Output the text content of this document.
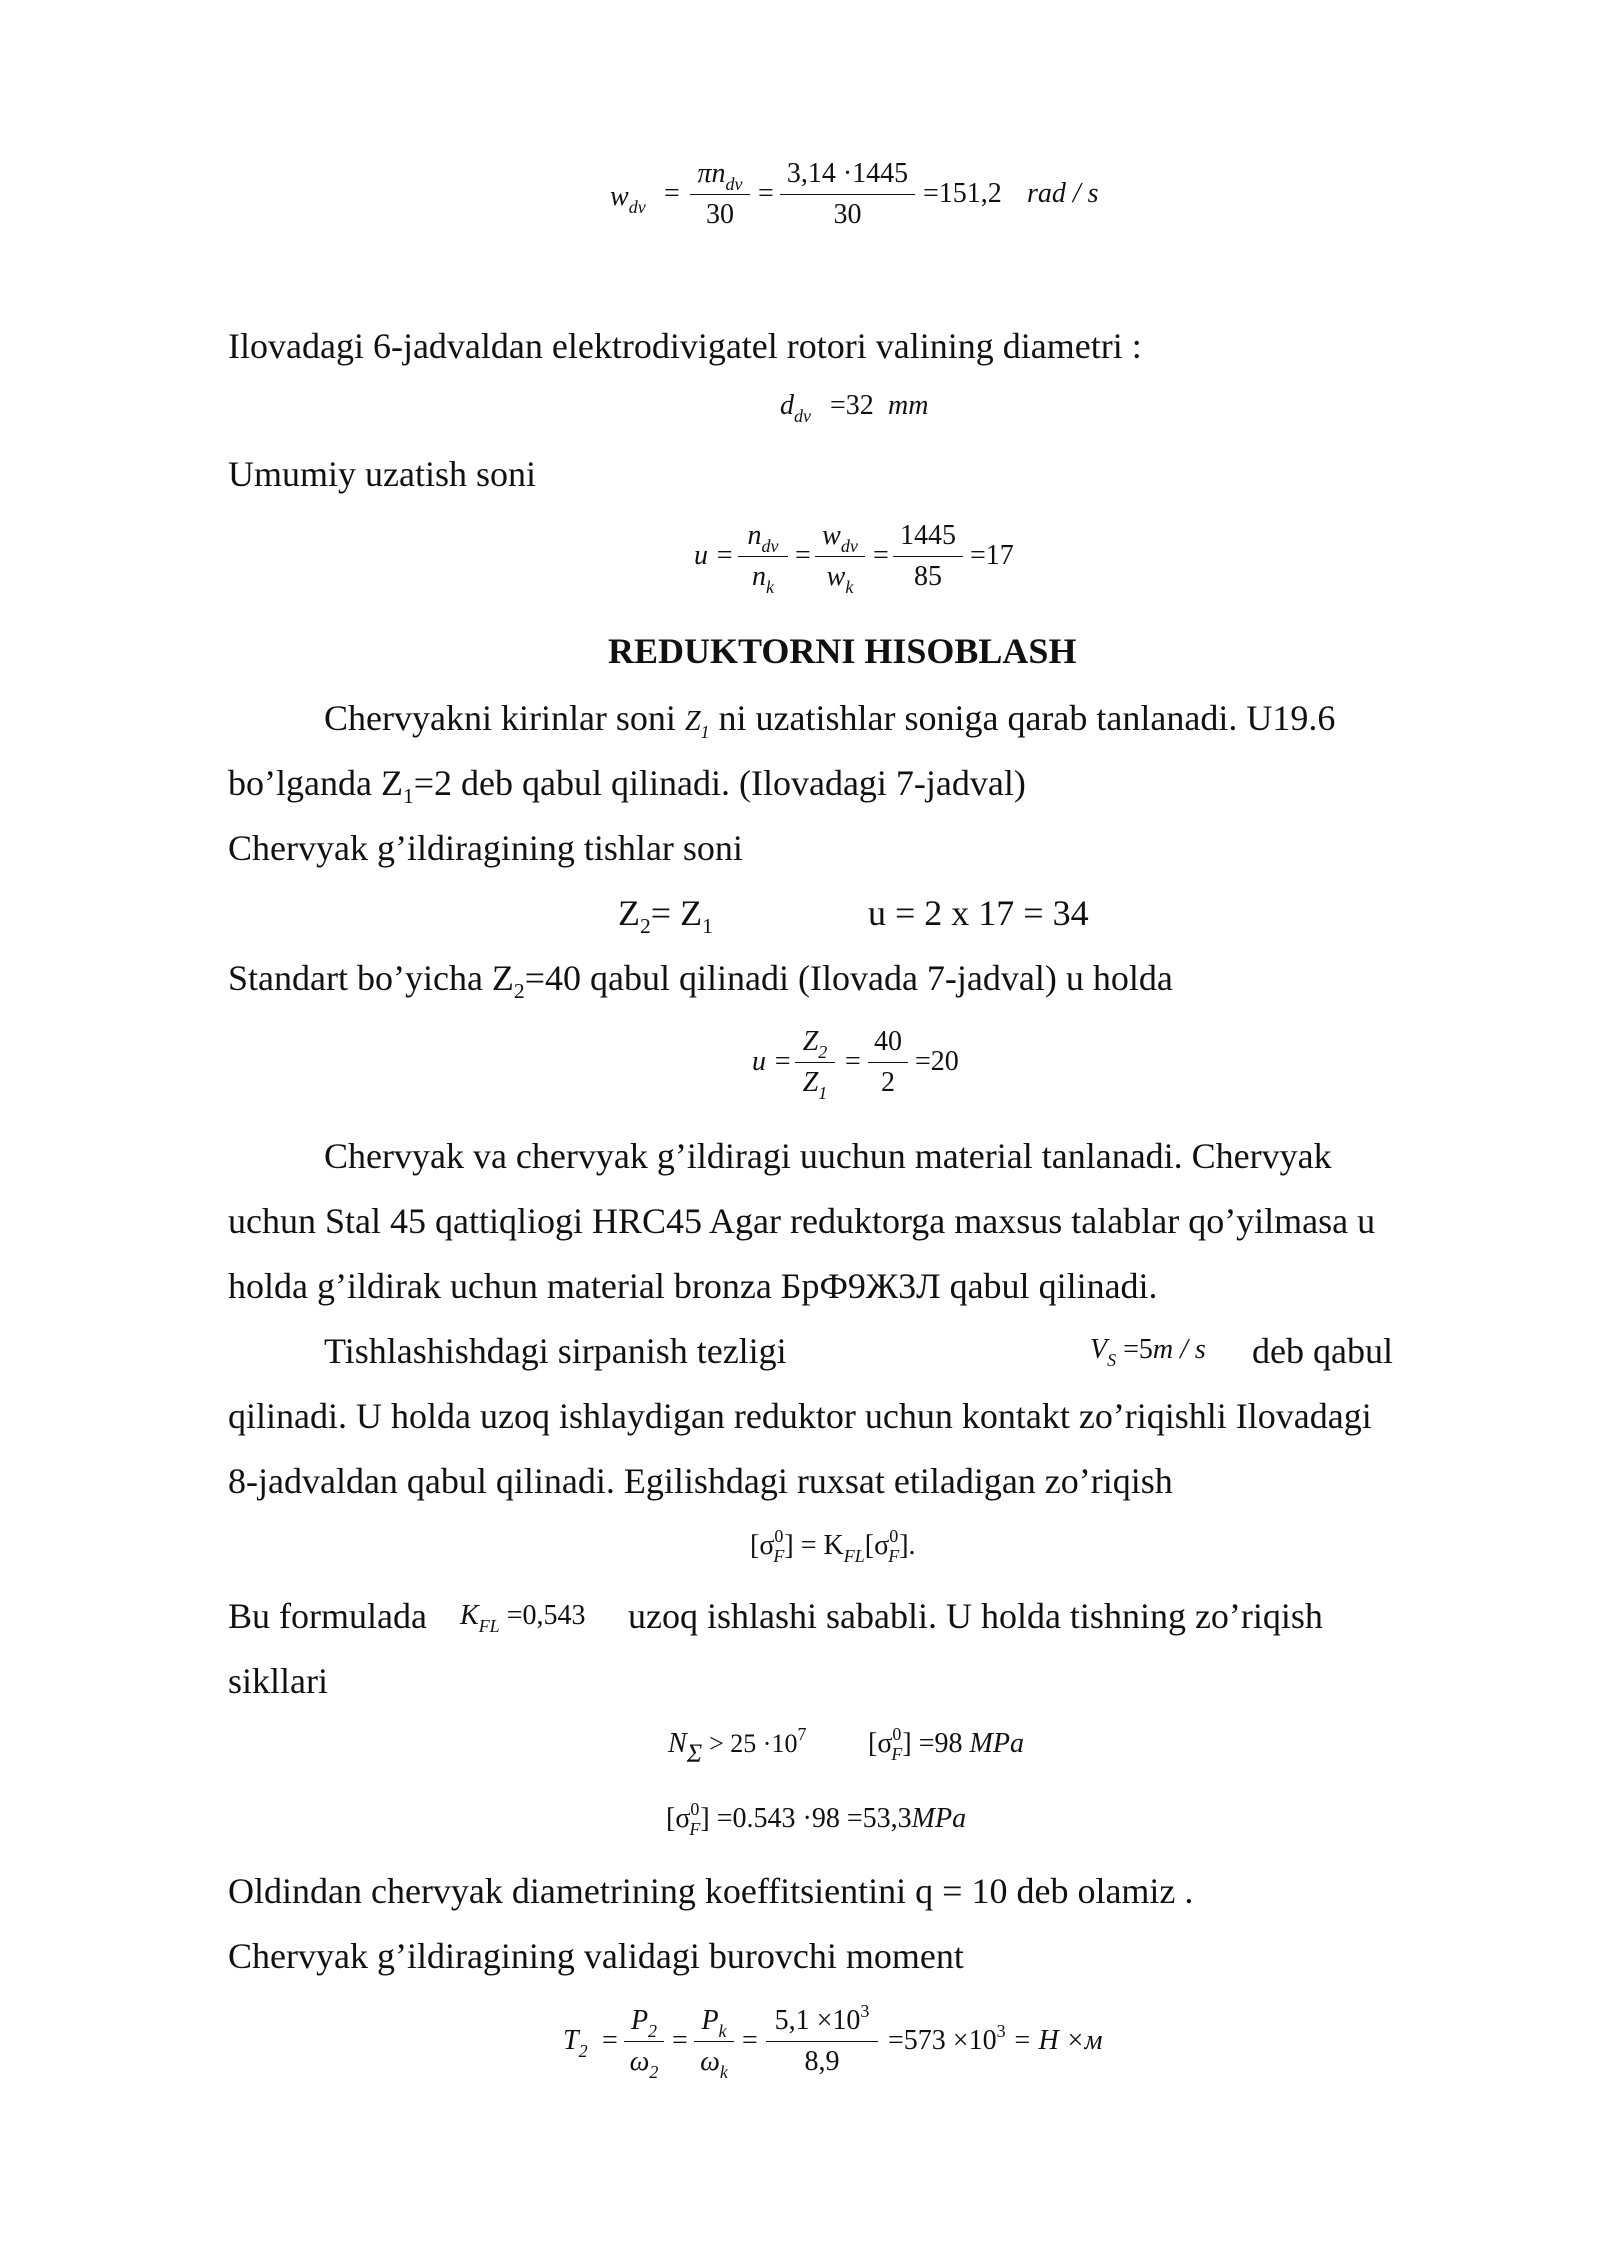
$w_{dv}$ =
$\pi n_{dv}$
30
=
3,14 ·1445
30
=151,2 rad / s
Ilovadagi 6-jadvaldan elektrodivigatel rotori valining diametri :
$d_{dv} =32$ mm
Umumiy uzatish soni
u =
$n_{dv}$
$n_k$
=
$w_{dv}$
$w_k$
=
1445
85
=17
REDUKTORNI HISOBLASH
Chervyakni kirinlar soni $Z_1$ ni uzatishlar soniga qarab tanlanadi. U19.6
bo’lganda $Z_1=2$ deb qabul qilinadi. (Ilovadagi 7-jadval)
Chervyak g’ildiragining tishlar soni
$Z_2= Z_1$	u = 2 x 17 = 34
Standart bo’yicha $Z_2=40$ qabul qilinadi (Ilovada 7-jadval) u holda
u =
$Z_2$
$Z_1$
=
40
2
=20
Chervyak va chervyak g’ildiragi uuchun material tanlanadi. Chervyak
uchun Stal 45 qattiqliogi HRC45 Agar reduktorga maxsus talablar qo’yilmasa u
holda g’ildirak uchun material bronza БрФ9Ж3Л qabul qilinadi.
Tishlashishdagi sirpanish tezligi	$V_S =5m / s$ deb qabul
qilinadi. U holda uzoq ishlaydigan reduktor uchun kontakt zo’riqishli Ilovadagi
8-jadvaldan qabul qilinadi. Egilishdagi ruxsat etiladigan zo’riqish
$[\sigma^0_F] = K_{FL}[\sigma^0_F]$.
Bu formulada $K_{FL} =0,543$ uzoq ishlashi sababli. U holda tishning zo’riqish
sikllari
$N\Sigma > 25 \cdot 10^7$ $[\sigma^0_F] =98$ MPa
$[\sigma^0_F] =0.543 \cdot 98 =53,3MPa$
Oldindan chervyak diametrining koeffitsientini q = 10 deb olamiz .
Chervyak g’ildiragining validagi burovchi moment
$T_2$ =
$P_2$
$\omega_2$
=
$P_k$
$\omega_k$
=
$5,1 \times 10^3$
8,9
$=573 \times 10^3 = H \times м$
